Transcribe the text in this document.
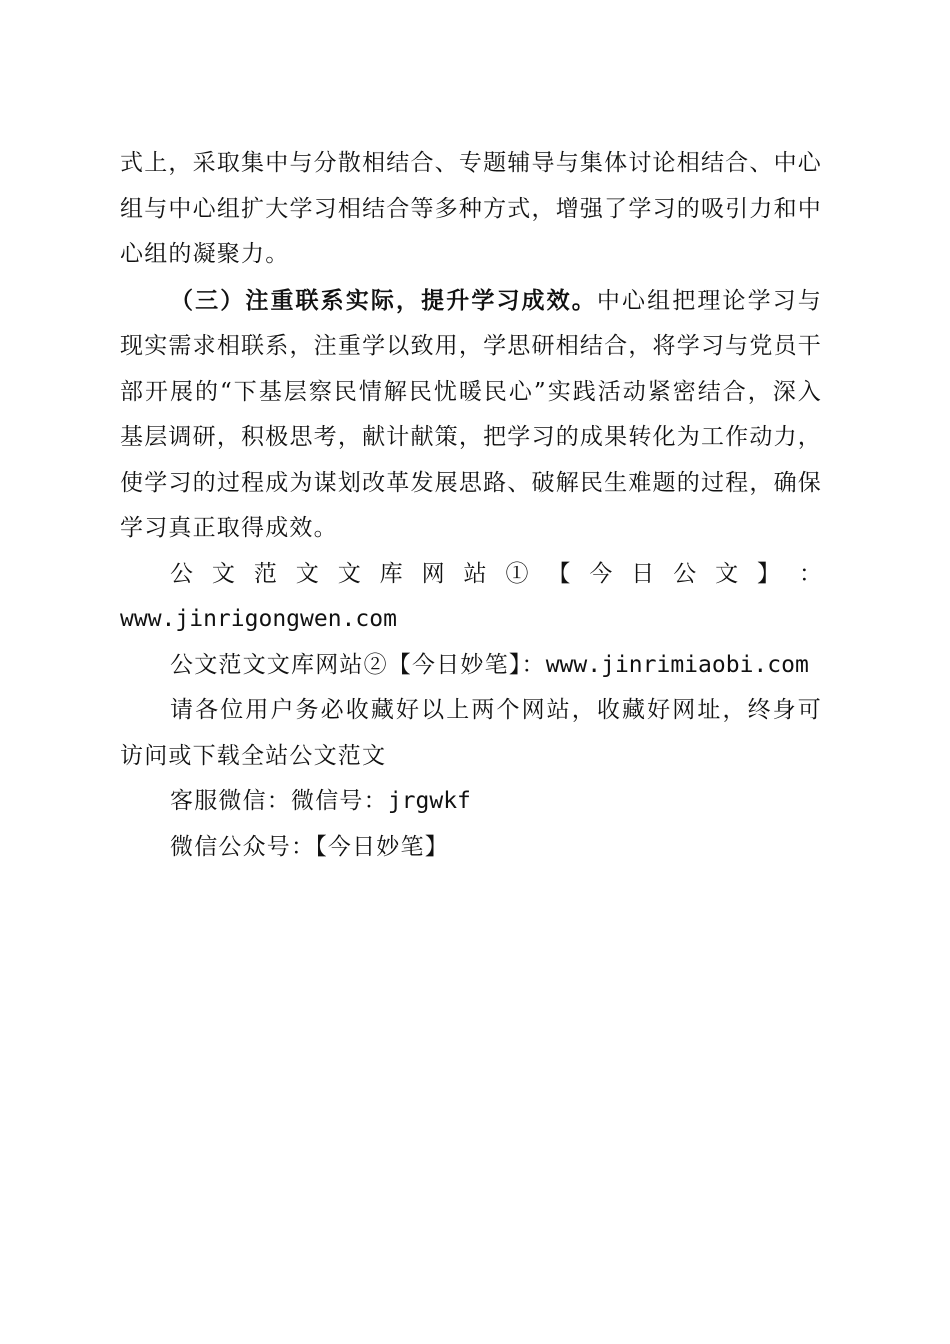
式上，采取集中与分散相结合、专题辅导与集体讨论相结合、中心组与中心组扩大学习相结合等多种方式，增强了学习的吸引力和中心组的凝聚力。

（三）注重联系实际，提升学习成效。中心组把理论学习与现实需求相联系，注重学以致用，学思研相结合，将学习与党员干部开展的“下基层察民情解民忧暖民心”实践活动紧密结合，深入基层调研，积极思考，献计献策，把学习的成果转化为工作动力，使学习的过程成为谋划改革发展思路、破解民生难题的过程，确保学习真正取得成效。

公 文 范 文 文 库 网 站 ① 【 今 日 公 文 】 ：

www.jinrigongwen.com

公文范文文库网站②【今日妙笔】：www.jinrimiaobi.com

请各位用户务必收藏好以上两个网站，收藏好网址，终身可访问或下载全站公文范文

客服微信：微信号：jrgwkf

微信公众号：【今日妙笔】
